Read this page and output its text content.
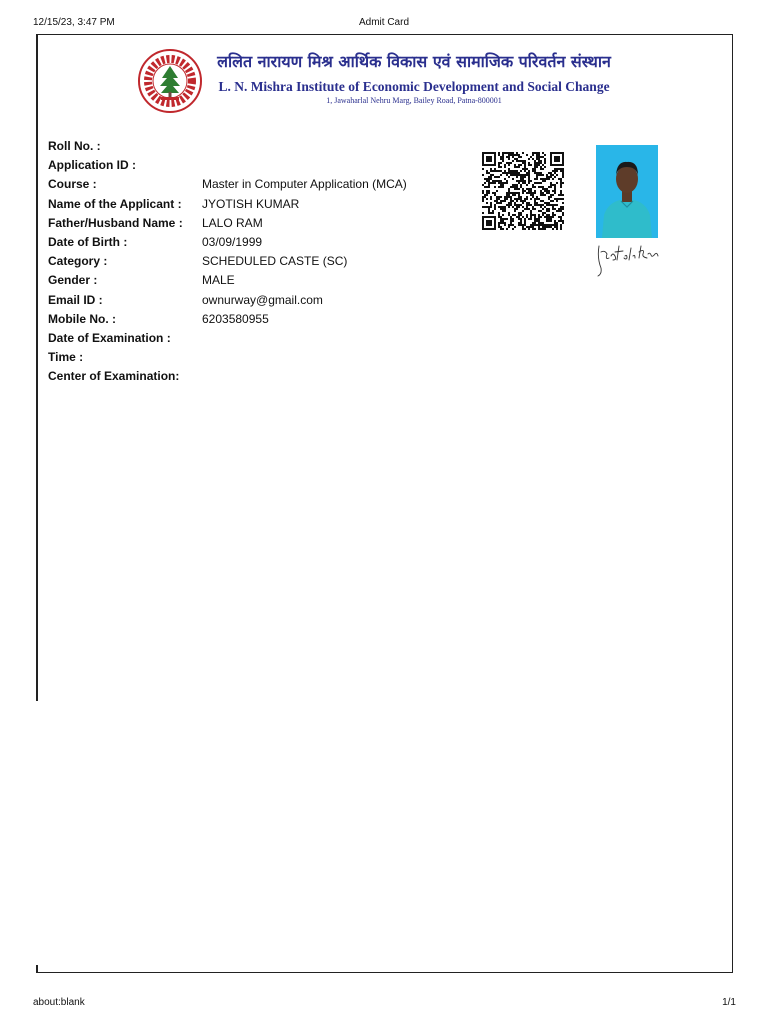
12/15/23, 3:47 PM	Admit Card
ललित नारायण मिश्र आर्थिक विकास एवं सामाजिक परिवर्तन संस्थान
L. N. Mishra Institute of Economic Development and Social Change
1, Jawaharlal Nehru Marg, Bailey Road, Patna-800001
Roll No. :
Application ID :
Course :	Master in Computer Application (MCA)
Name of the Applicant : JYOTISH KUMAR
Father/Husband Name : LALO RAM
Date of Birth :	03/09/1999
Category :	SCHEDULED CASTE (SC)
Gender :	MALE
Email ID :	ownurway@gmail.com
Mobile No. :	6203580955
Date of Examination :
Time :
Center of Examination:
about:blank	1/1
